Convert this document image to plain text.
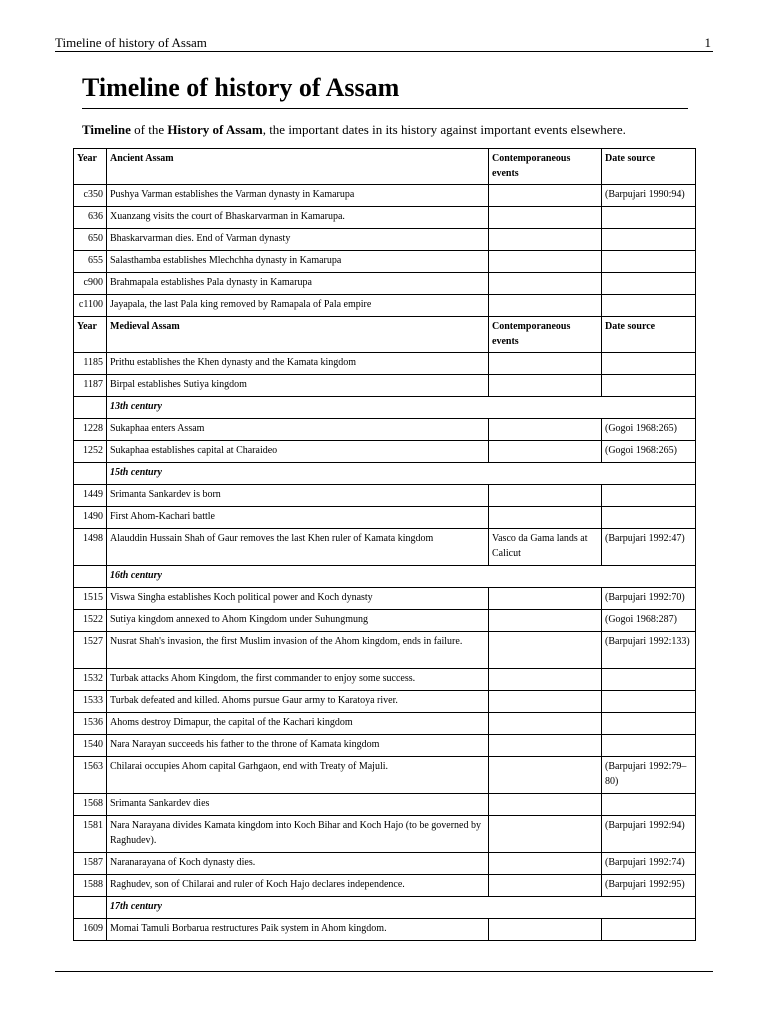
Timeline of history of Assam	1
Timeline of history of Assam

Timeline of the History of Assam, the important dates in its history against important events elsewhere.

Year	Ancient Assam	Contemporaneous events	Date source
c350	Pushya Varman establishes the Varman dynasty in Kamarupa		(Barpujari 1990:94)
636	Xuanzang visits the court of Bhaskarvarman in Kamarupa.		
650	Bhaskarvarman dies. End of Varman dynasty		
655	Salasthamba establishes Mlechchha dynasty in Kamarupa		
c900	Brahmapala establishes Pala dynasty in Kamarupa		
c1100	Jayapala, the last Pala king removed by Ramapala of Pala empire		
Year	Medieval Assam	Contemporaneous events	Date source
1185	Prithu establishes the Khen dynasty and the Kamata kingdom		
1187	Birpal establishes Sutiya kingdom		
	13th century		
1228	Sukaphaa enters Assam		(Gogoi 1968:265)
1252	Sukaphaa establishes capital at Charaideo		(Gogoi 1968:265)
	15th century		
1449	Srimanta Sankardev is born		
1490	First Ahom-Kachari battle		
1498	Alauddin Hussain Shah of Gaur removes the last Khen ruler of Kamata kingdom	Vasco da Gama lands at Calicut	(Barpujari 1992:47)
	16th century		
1515	Viswa Singha establishes Koch political power and Koch dynasty		(Barpujari 1992:70)
1522	Sutiya kingdom annexed to Ahom Kingdom under Suhungmung		(Gogoi 1968:287)
1527	Nusrat Shah's invasion, the first Muslim invasion of the Ahom kingdom, ends in failure.		(Barpujari 1992:133)
1532	Turbak attacks Ahom Kingdom, the first commander to enjoy some success.		
1533	Turbak defeated and killed. Ahoms pursue Gaur army to Karatoya river.		
1536	Ahoms destroy Dimapur, the capital of the Kachari kingdom		
1540	Nara Narayan succeeds his father to the throne of Kamata kingdom		
1563	Chilarai occupies Ahom capital Garhgaon, end with Treaty of Majuli.		(Barpujari 1992:79–80)
1568	Srimanta Sankardev dies		
1581	Nara Narayana divides Kamata kingdom into Koch Bihar and Koch Hajo (to be governed by Raghudev).		(Barpujari 1992:94)
1587	Naranarayana of Koch dynasty dies.		(Barpujari 1992:74)
1588	Raghudev, son of Chilarai and ruler of Koch Hajo declares independence.		(Barpujari 1992:95)
	17th century		
1609	Momai Tamuli Borbarua restructures Paik system in Ahom kingdom.		
